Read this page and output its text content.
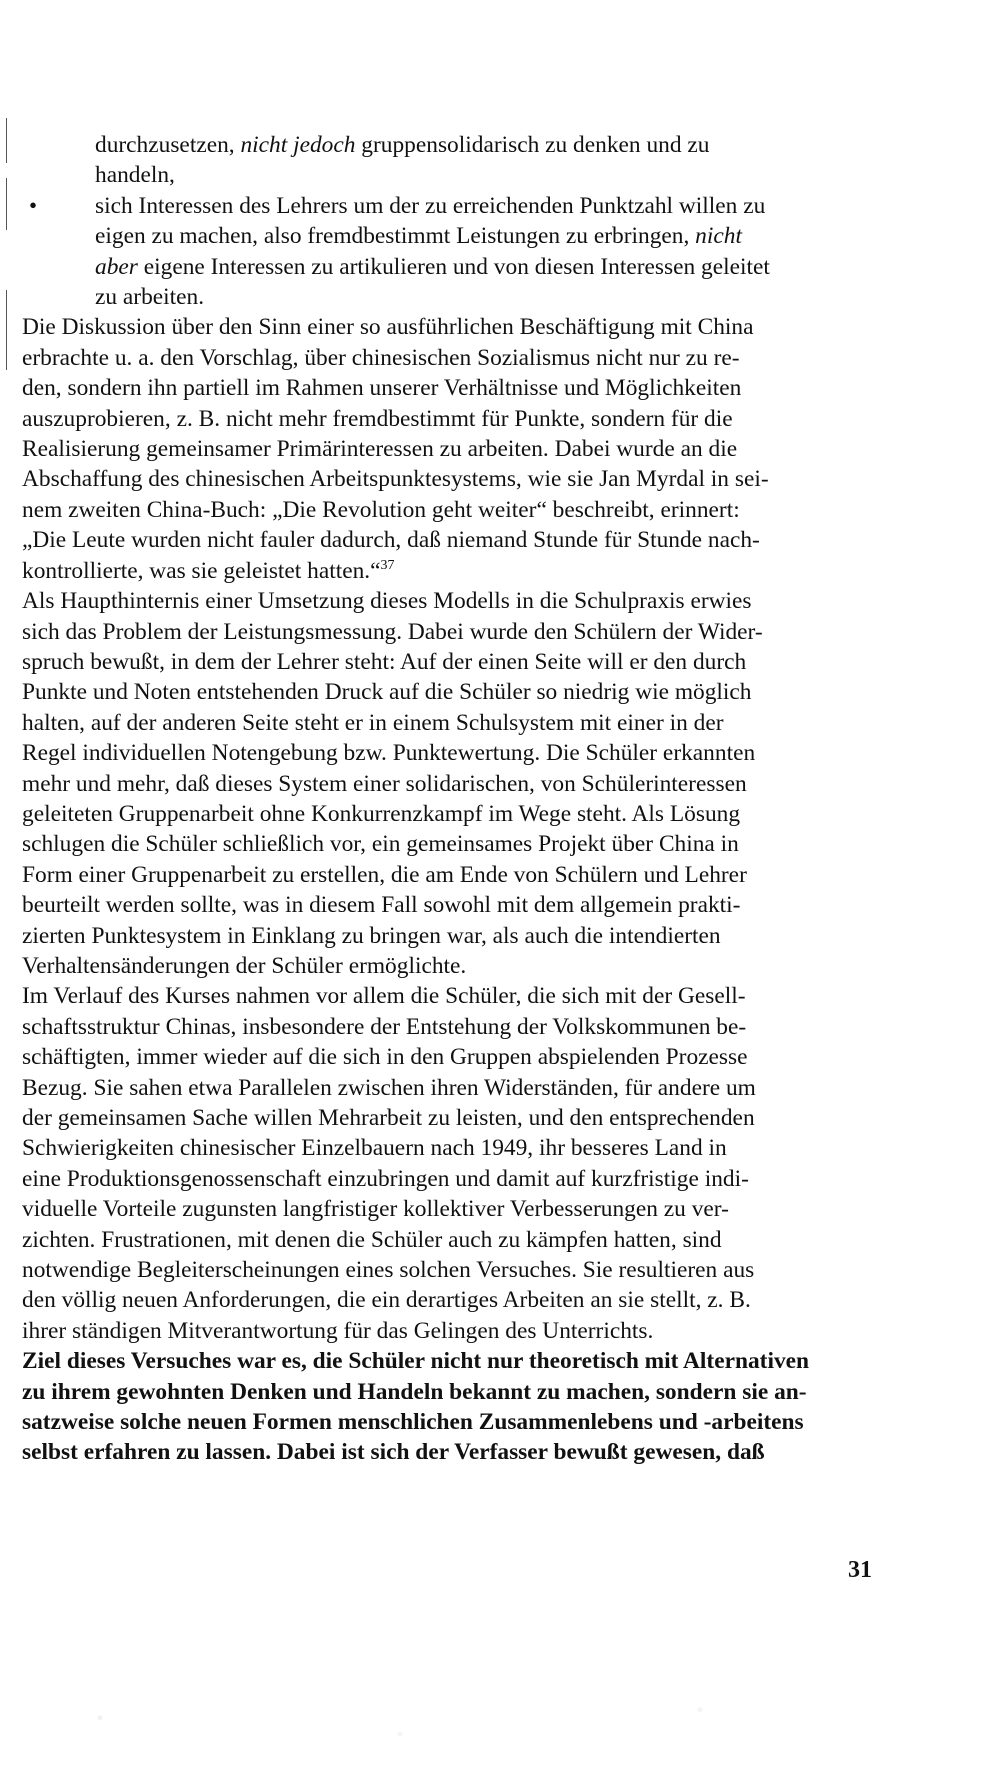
durchzusetzen, nicht jedoch gruppensolidarisch zu denken und zu
handeln,
• sich Interessen des Lehrers um der zu erreichenden Punktzahl willen zu
eigen zu machen, also fremdbestimmt Leistungen zu erbringen, nicht
aber eigene Interessen zu artikulieren und von diesen Interessen geleitet
zu arbeiten.
Die Diskussion über den Sinn einer so ausführlichen Beschäftigung mit China
erbrachte u. a. den Vorschlag, über chinesischen Sozialismus nicht nur zu re-
den, sondern ihn partiell im Rahmen unserer Verhältnisse und Möglichkeiten
auszuprobieren, z. B. nicht mehr fremdbestimmt für Punkte, sondern für die
Realisierung gemeinsamer Primärinteressen zu arbeiten. Dabei wurde an die
Abschaffung des chinesischen Arbeitspunktesystems, wie sie Jan Myrdal in sei-
nem zweiten China-Buch: „Die Revolution geht weiter“ beschreibt, erinnert:
„Die Leute wurden nicht fauler dadurch, daß niemand Stunde für Stunde nach-
kontrollierte, was sie geleistet hatten.“$^{37}$
Als Haupthinternis einer Umsetzung dieses Modells in die Schulpraxis erwies
sich das Problem der Leistungsmessung. Dabei wurde den Schülern der Wider-
spruch bewußt, in dem der Lehrer steht: Auf der einen Seite will er den durch
Punkte und Noten entstehenden Druck auf die Schüler so niedrig wie möglich
halten, auf der anderen Seite steht er in einem Schulsystem mit einer in der
Regel individuellen Notengebung bzw. Punktewertung. Die Schüler erkannten
mehr und mehr, daß dieses System einer solidarischen, von Schülerinteressen
geleiteten Gruppenarbeit ohne Konkurrenzkampf im Wege steht. Als Lösung
schlugen die Schüler schließlich vor, ein gemeinsames Projekt über China in
Form einer Gruppenarbeit zu erstellen, die am Ende von Schülern und Lehrer
beurteilt werden sollte, was in diesem Fall sowohl mit dem allgemein prakti-
zierten Punktesystem in Einklang zu bringen war, als auch die intendierten
Verhaltensänderungen der Schüler ermöglichte.
Im Verlauf des Kurses nahmen vor allem die Schüler, die sich mit der Gesell-
schaftsstruktur Chinas, insbesondere der Entstehung der Volkskommunen be-
schäftigten, immer wieder auf die sich in den Gruppen abspielenden Prozesse
Bezug. Sie sahen etwa Parallelen zwischen ihren Widerständen, für andere um
der gemeinsamen Sache willen Mehrarbeit zu leisten, und den entsprechenden
Schwierigkeiten chinesischer Einzelbauern nach 1949, ihr besseres Land in
eine Produktionsgenossenschaft einzubringen und damit auf kurzfristige indi-
viduelle Vorteile zugunsten langfristiger kollektiver Verbesserungen zu ver-
zichten. Frustrationen, mit denen die Schüler auch zu kämpfen hatten, sind
notwendige Begleiterscheinungen eines solchen Versuches. Sie resultieren aus
den völlig neuen Anforderungen, die ein derartiges Arbeiten an sie stellt, z. B.
ihrer ständigen Mitverantwortung für das Gelingen des Unterrichts.
Ziel dieses Versuches war es, die Schüler nicht nur theoretisch mit Alternativen
zu ihrem gewohnten Denken und Handeln bekannt zu machen, sondern sie an-
satzweise solche neuen Formen menschlichen Zusammenlebens und -arbeitens
selbst erfahren zu lassen. Dabei ist sich der Verfasser bewußt gewesen, daß
31
